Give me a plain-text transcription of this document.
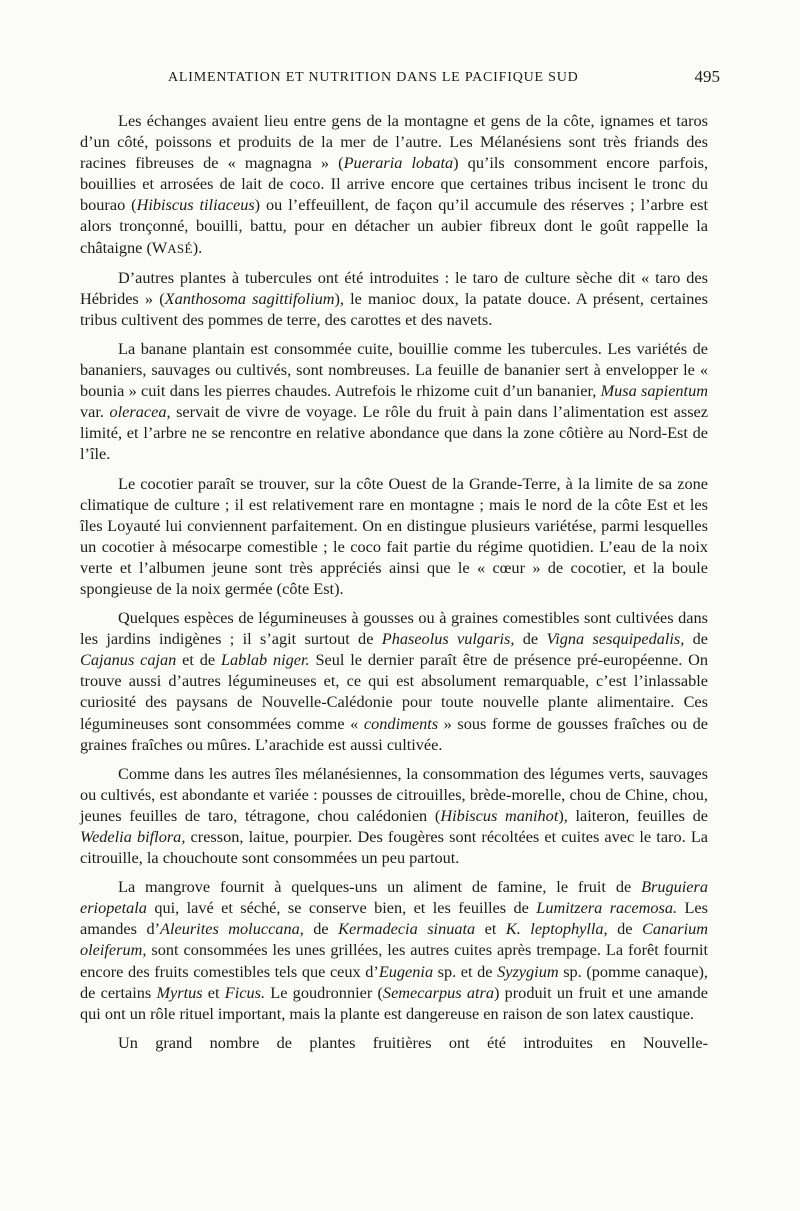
ALIMENTATION ET NUTRITION DANS LE PACIFIQUE SUD	495

Les échanges avaient lieu entre gens de la montagne et gens de la côte, ignames et taros d’un côté, poissons et produits de la mer de l’autre. Les Mélanésiens sont très friands des racines fibreuses de « magnagna » (Pueraria lobata) qu’ils consomment encore parfois, bouillies et arrosées de lait de coco. Il arrive encore que certaines tribus incisent le tronc du bourao (Hibiscus tiliaceus) ou l’effeuillent, de façon qu’il accumule des réserves ; l’arbre est alors tronçonné, bouilli, battu, pour en détacher un aubier fibreux dont le goût rappelle la châtaigne (WASÉ).

D’autres plantes à tubercules ont été introduites : le taro de culture sèche dit « taro des Hébrides » (Xanthosoma sagittifolium), le manioc doux, la patate douce. A présent, certaines tribus cultivent des pommes de terre, des carottes et des navets.

La banane plantain est consommée cuite, bouillie comme les tubercules. Les variétés de bananiers, sauvages ou cultivés, sont nombreuses. La feuille de bananier sert à envelopper le « bounia » cuit dans les pierres chaudes. Autrefois le rhizome cuit d’un bananier, Musa sapientum var. oleracea, servait de vivre de voyage. Le rôle du fruit à pain dans l’alimentation est assez limité, et l’arbre ne se rencontre en relative abondance que dans la zone côtière au Nord-Est de l’île.

Le cocotier paraît se trouver, sur la côte Ouest de la Grande-Terre, à la limite de sa zone climatique de culture ; il est relativement rare en montagne ; mais le nord de la côte Est et les îles Loyauté lui conviennent parfaitement. On en distingue plusieurs variétése, parmi lesquelles un cocotier à mésocarpe comestible ; le coco fait partie du régime quotidien. L’eau de la noix verte et l’albumen jeune sont très appréciés ainsi que le « cœur » de cocotier, et la boule spongieuse de la noix germée (côte Est).

Quelques espèces de légumineuses à gousses ou à graines comestibles sont cultivées dans les jardins indigènes ; il s’agit surtout de Phaseolus vulgaris, de Vigna sesquipedalis, de Cajanus cajan et de Lablab niger. Seul le dernier paraît être de présence pré-européenne. On trouve aussi d’autres légumineuses et, ce qui est absolument remarquable, c’est l’inlassable curiosité des paysans de Nouvelle-Calédonie pour toute nouvelle plante alimentaire. Ces légumineuses sont consommées comme « condiments » sous forme de gousses fraîches ou de graines fraîches ou mûres. L’arachide est aussi cultivée.

Comme dans les autres îles mélanésiennes, la consommation des légumes verts, sauvages ou cultivés, est abondante et variée : pousses de citrouilles, brède-morelle, chou de Chine, chou, jeunes feuilles de taro, tétragone, chou calédonien (Hibiscus manihot), laiteron, feuilles de Wedelia biflora, cresson, laitue, pourpier. Des fougères sont récoltées et cuites avec le taro. La citrouille, la chouchoute sont consommées un peu partout.

La mangrove fournit à quelques-uns un aliment de famine, le fruit de Bruguiera eriopetala qui, lavé et séché, se conserve bien, et les feuilles de Lumitzera racemosa. Les amandes d’Aleurites moluccana, de Kermadecia sinuata et K. leptophylla, de Canarium oleiferum, sont consommées les unes grillées, les autres cuites après trempage. La forêt fournit encore des fruits comestibles tels que ceux d’Eugenia sp. et de Syzygium sp. (pomme canaque), de certains Myrtus et Ficus. Le goudronnier (Semecarpus atra) produit un fruit et une amande qui ont un rôle rituel important, mais la plante est dangereuse en raison de son latex caustique.

Un grand nombre de plantes fruitières ont été introduites en Nouvelle-
